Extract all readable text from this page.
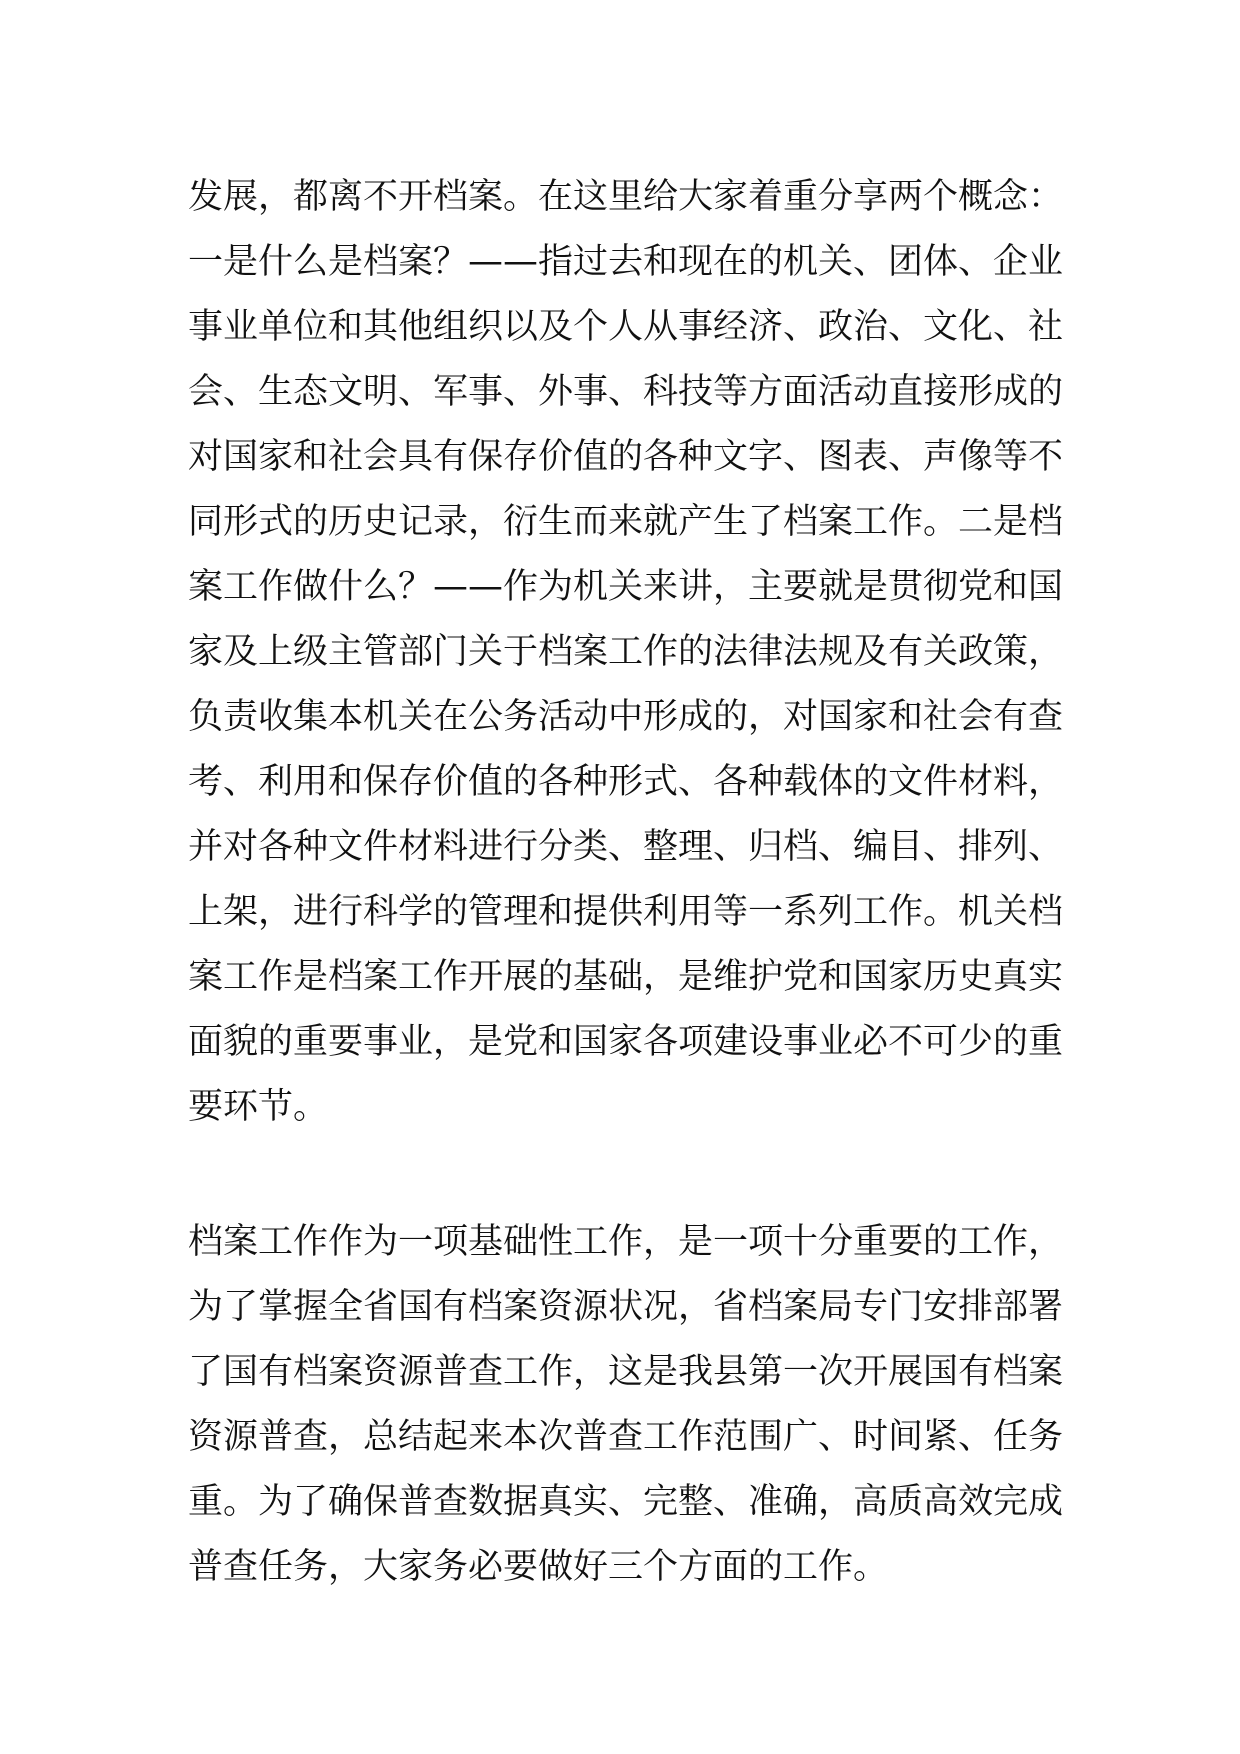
发展，都离不开档案。在这里给大家着重分享两个概念：
一是什么是档案？——指过去和现在的机关、团体、企业
事业单位和其他组织以及个人从事经济、政治、文化、社
会、生态文明、军事、外事、科技等方面活动直接形成的
对国家和社会具有保存价值的各种文字、图表、声像等不
同形式的历史记录，衍生而来就产生了档案工作。二是档
案工作做什么？——作为机关来讲，主要就是贯彻党和国
家及上级主管部门关于档案工作的法律法规及有关政策，
负责收集本机关在公务活动中形成的，对国家和社会有查
考、利用和保存价值的各种形式、各种载体的文件材料，
并对各种文件材料进行分类、整理、归档、编目、排列、
上架，进行科学的管理和提供利用等一系列工作。机关档
案工作是档案工作开展的基础，是维护党和国家历史真实
面貌的重要事业，是党和国家各项建设事业必不可少的重
要环节。
档案工作作为一项基础性工作，是一项十分重要的工作，
为了掌握全省国有档案资源状况，省档案局专门安排部署
了国有档案资源普查工作，这是我县第一次开展国有档案
资源普查，总结起来本次普查工作范围广、时间紧、任务
重。为了确保普查数据真实、完整、准确，高质高效完成
普查任务，大家务必要做好三个方面的工作。
